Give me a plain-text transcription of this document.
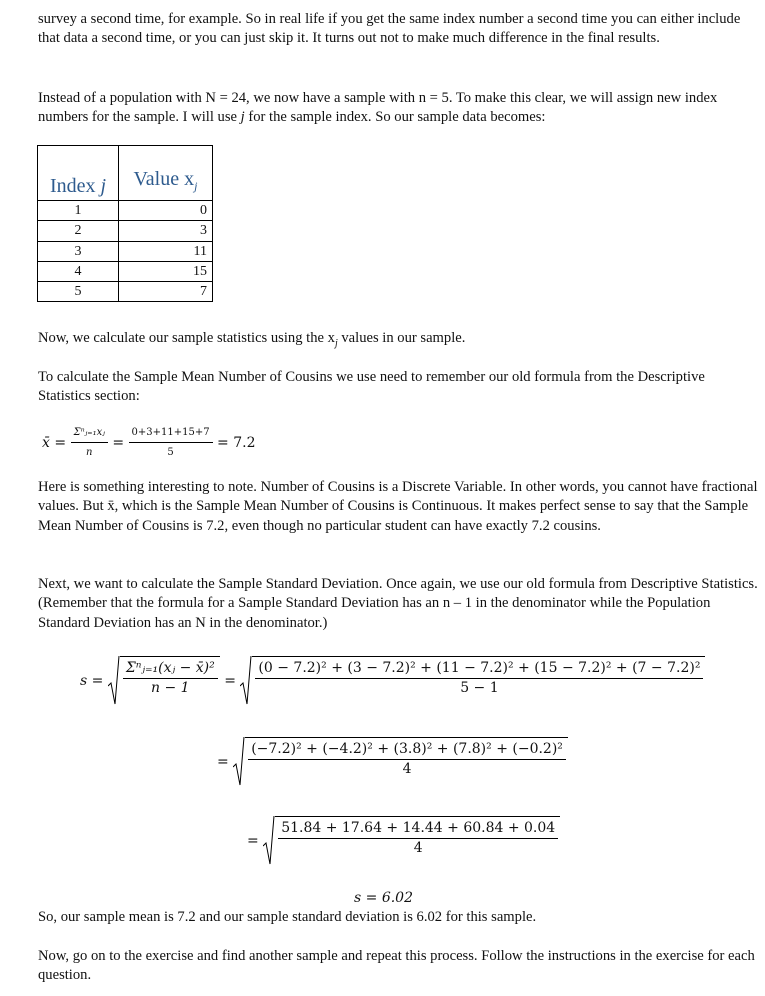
survey a second time, for example. So in real life if you get the same index number a second time you can either include that data a second time, or you can just skip it. It turns out not to make much difference in the final results.

Instead of a population with N = 24, we now have a sample with n = 5. To make this clear, we will assign new index numbers for the sample. I will use j for the sample index. So our sample data becomes:

Index j	Value $x_j$
1	0
2	3
3	11
4	15
5	7

Now, we calculate our sample statistics using the $x_j$ values in our sample.

To calculate the Sample Mean Number of Cousins we use need to remember our old formula from the Descriptive Statistics section:

x̄ = $\frac{\text{Σⁿⱼ₌₁xⱼ}}{n} = \frac{0+3+11+15+7}{5} = 7.2$

Here is something interesting to note. Number of Cousins is a Discrete Variable. In other words, you cannot have fractional values. But x̄, which is the Sample Mean Number of Cousins is Continuous. It makes perfect sense to say that the Sample Mean Number of Cousins is 7.2, even though no particular student can have exactly 7.2 cousins.

Next, we want to calculate the Sample Standard Deviation. Once again, we use our old formula from Descriptive Statistics. (Remember that the formula for a Sample Standard Deviation has an n – 1 in the denominator while the Population Standard Deviation has an N in the denominator.)

$s = \frac{\text{Σⁿⱼ₌₁(xⱼ − x̄)²}}{n - 1}$ =
(0 − 7.2)² + (3 − 7.2)² + (11 − 7.2)² + (15 − 7.2)² + (7 − 7.2)²
5 − 1
= $\frac{\text{(−7.2)² + (−4.2)² + (3.8)² + (7.8)² + (−0.2)²}}{4}$
= $\frac{51.84 + 17.64 + 14.44 + 60.84 + 0.04}{4}$
s = 6.02

So, our sample mean is 7.2 and our sample standard deviation is 6.02 for this sample.

Now, go on to the exercise and find another sample and repeat this process. Follow the instructions in the exercise for each question.
